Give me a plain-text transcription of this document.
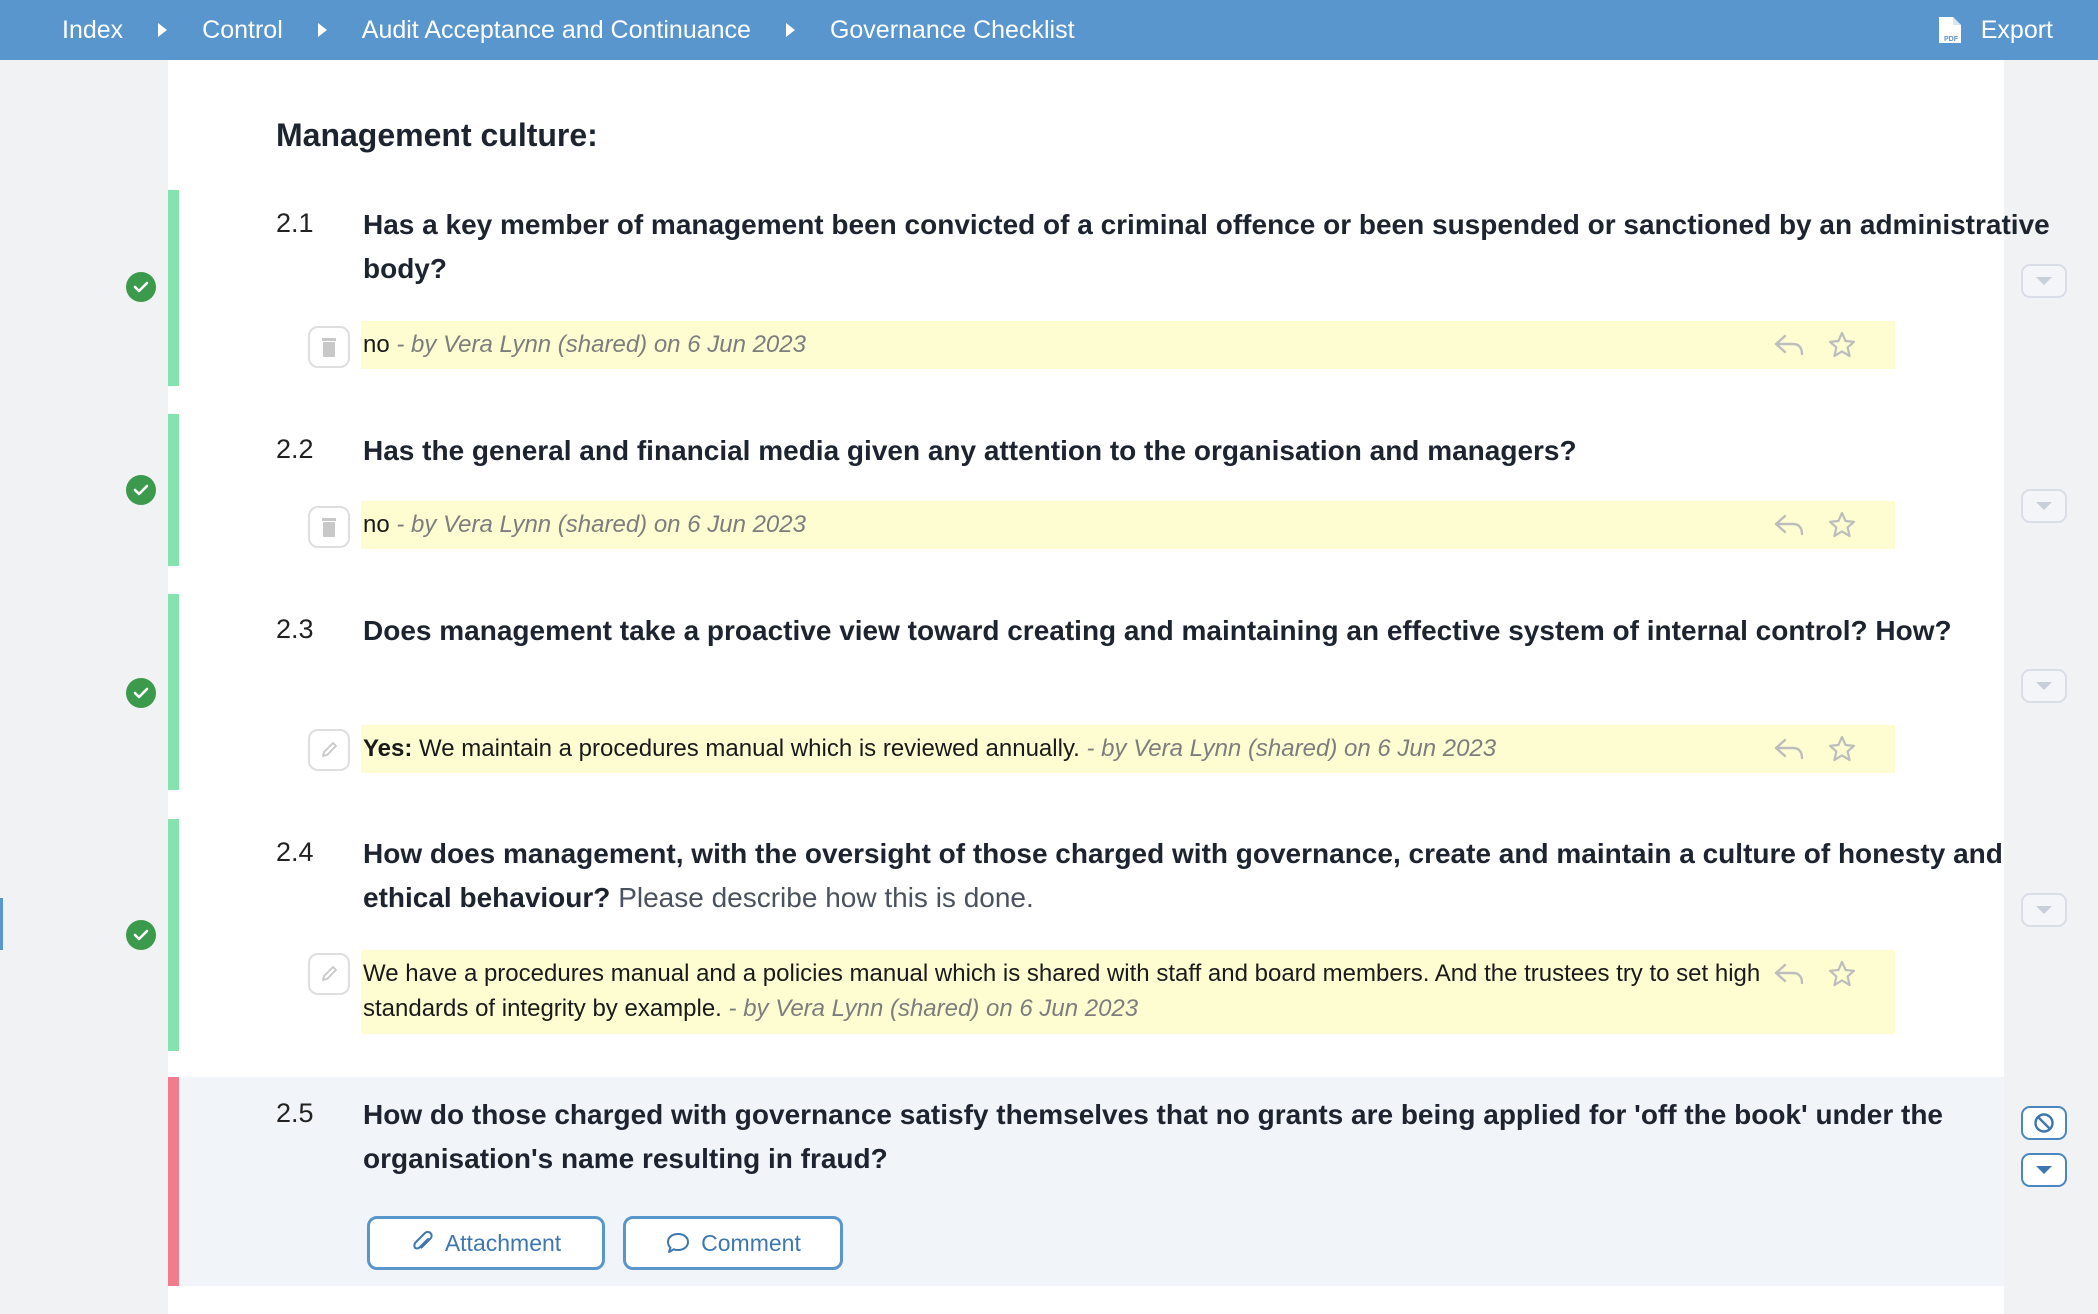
Index	Control	Audit Acceptance and Continuance	Governance Checklist	PDF Export
Management culture:
2.1 Has a key member of management been convicted of a criminal offence or been suspended or sanctioned by an administrative body?
no - by Vera Lynn (shared) on 6 Jun 2023
2.2 Has the general and financial media given any attention to the organisation and managers?
no - by Vera Lynn (shared) on 6 Jun 2023
2.3 Does management take a proactive view toward creating and maintaining an effective system of internal control? How?
Yes: We maintain a procedures manual which is reviewed annually. - by Vera Lynn (shared) on 6 Jun 2023
2.4 How does management, with the oversight of those charged with governance, create and maintain a culture of honesty and ethical behaviour? Please describe how this is done.
We have a procedures manual and a policies manual which is shared with staff and board members. And the trustees try to set high standards of integrity by example. - by Vera Lynn (shared) on 6 Jun 2023
2.5 How do those charged with governance satisfy themselves that no grants are being applied for 'off the book' under the organisation's name resulting in fraud?
Attachment	Comment
